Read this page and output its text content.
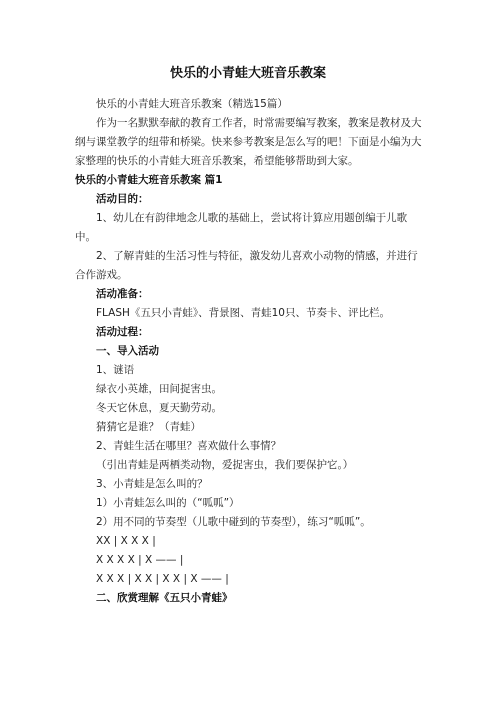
快乐的小青蛙大班音乐教案

快乐的小青蛙大班音乐教案（精选15篇）

作为一名默默奉献的教育工作者，时常需要编写教案，教案是教材及大纲与课堂教学的纽带和桥梁。快来参考教案是怎么写的吧！下面是小编为大家整理的快乐的小青蛙大班音乐教案，希望能够帮助到大家。

快乐的小青蛙大班音乐教案 篇1

活动目的：

1、幼儿在有韵律地念儿歌的基础上，尝试将计算应用题创编于儿歌中。

2、了解青蛙的生活习性与特征，激发幼儿喜欢小动物的情感，并进行合作游戏。

活动准备：

FLASH《五只小青蛙》、背景图、青蛙10只、节奏卡、评比栏。

活动过程：

一、导入活动

1、谜语

绿衣小英雄，田间捉害虫。

冬天它休息，夏天勤劳动。

猜猜它是谁？（青蛙）

2、青蛙生活在哪里？喜欢做什么事情？

（引出青蛙是两栖类动物，爱捉害虫，我们要保护它。）

3、小青蛙是怎么叫的？

1）小青蛙怎么叫的（“呱呱”）

2）用不同的节奏型（儿歌中碰到的节奏型），练习“呱呱”。

XX | X X X |

X X X X | X —— |

X X X | X X | X X | X —— |

二、欣赏理解《五只小青蛙》
